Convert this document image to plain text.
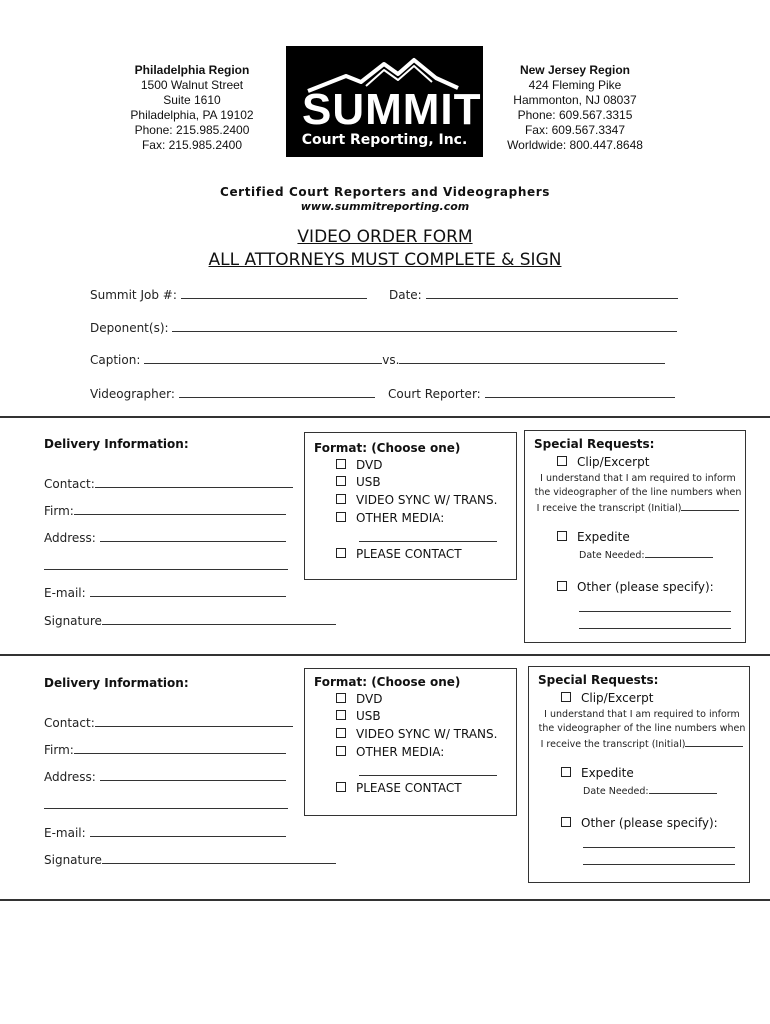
Philadelphia Region
1500 Walnut Street
Suite 1610
Philadelphia, PA 19102
Phone: 215.985.2400
Fax: 215.985.2400
SUMMIT
Court Reporting, Inc.
New Jersey Region
424 Fleming Pike
Hammonton, NJ 08037
Phone: 609.567.3315
Fax: 609.567.3347
Worldwide: 800.447.8648
Certified Court Reporters and Videographers
www.summitreporting.com
VIDEO ORDER FORM
ALL ATTORNEYS MUST COMPLETE & SIGN
Summit Job #:	Date:
Deponent(s):
Caption:	vs.
Videographer:	Court Reporter:
Delivery Information:
Contact:
Firm:
Address:
E-mail:
Signature
Format: (Choose one)
DVD
USB
VIDEO SYNC W/ TRANS.
OTHER MEDIA:
PLEASE CONTACT
Special Requests:
Clip/Excerpt
I understand that I am required to inform
the videographer of the line numbers when
I receive the transcript (Initial)
Expedite
Date Needed:
Other (please specify):
Delivery Information:
Contact:
Firm:
Address:
E-mail:
Signature
Format: (Choose one)
DVD
USB
VIDEO SYNC W/ TRANS.
OTHER MEDIA:
PLEASE CONTACT
Special Requests:
Clip/Excerpt
I understand that I am required to inform
the videographer of the line numbers when
I receive the transcript (Initial)
Expedite
Date Needed:
Other (please specify):
